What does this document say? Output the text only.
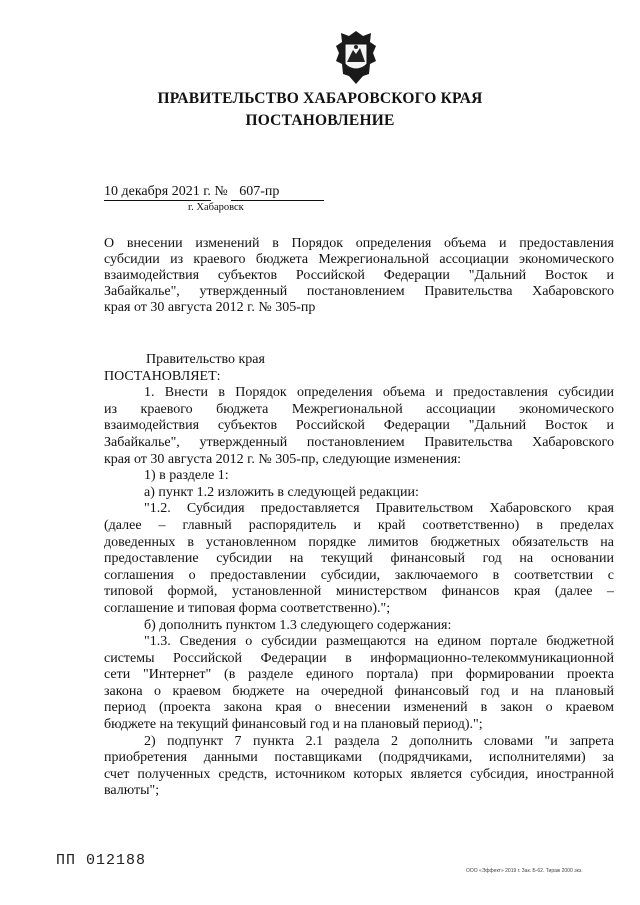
ПРАВИТЕЛЬСТВО ХАБАРОВСКОГО КРАЯ
ПОСТАНОВЛЕНИЕ
10 декабря 2021 г. № 607-пр
г. Хабаровск

О внесении изменений в Порядок определения объема и предоставления

субсидии из краевого бюджета Межрегиональной ассоциации экономического

взаимодействия субъектов Российской Федерации "Дальний Восток и

Забайкалье", утвержденный постановлением Правительства Хабаровского

края от 30 августа 2012 г. № 305-пр

Правительство края

ПОСТАНОВЛЯЕТ:

1. Внести в Порядок определения объема и предоставления субсидии

из краевого бюджета Межрегиональной ассоциации экономического

взаимодействия субъектов Российской Федерации "Дальний Восток и

Забайкалье", утвержденный постановлением Правительства Хабаровского

края от 30 августа 2012 г. № 305-пр, следующие изменения:

1) в разделе 1:

а) пункт 1.2 изложить в следующей редакции:

"1.2. Субсидия предоставляется Правительством Хабаровского края

(далее – главный распорядитель и край соответственно) в пределах

доведенных в установленном порядке лимитов бюджетных обязательств на

предоставление субсидии на текущий финансовый год на основании

соглашения о предоставлении субсидии, заключаемого в соответствии с

типовой формой, установленной министерством финансов края (далее –

соглашение и типовая форма соответственно).";

б) дополнить пунктом 1.3 следующего содержания:

"1.3. Сведения о субсидии размещаются на едином портале бюджетной

системы Российской Федерации в информационно-телекоммуникационной

сети "Интернет" (в разделе единого портала) при формировании проекта

закона о краевом бюджете на очередной финансовый год и на плановый

период (проекта закона края о внесении изменений в закон о краевом

бюджете на текущий финансовый год и на плановый период).";

2) подпункт 7 пункта 2.1 раздела 2 дополнить словами "и запрета

приобретения данными поставщиками (подрядчиками, исполнителями) за

счет полученных средств, источником которых является субсидия, иностранной

валюты";

ПП 012188
ООО «Эффект» 2019 г. Зак. Б-62. Тираж 2000 экз.
